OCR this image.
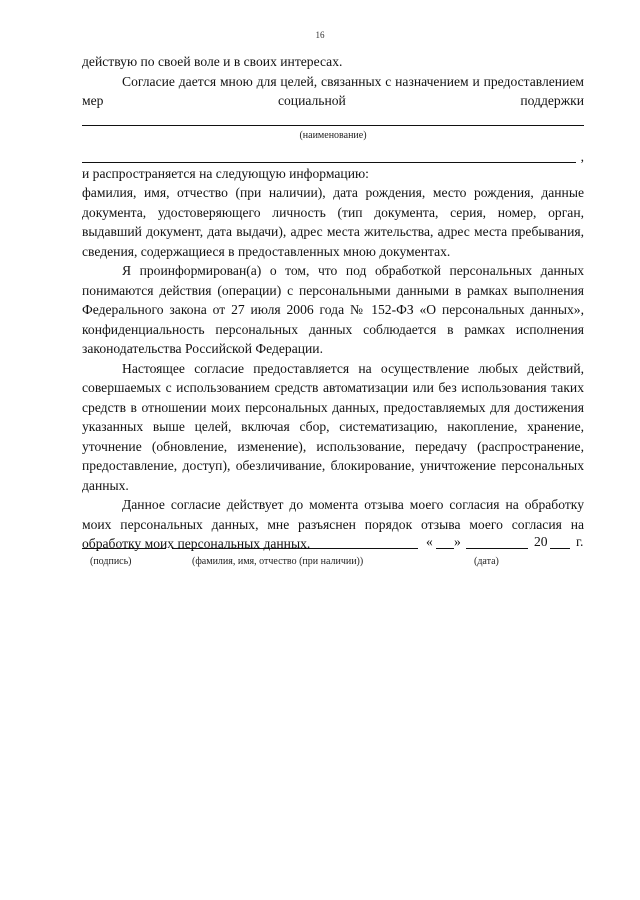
16

действую по своей воле и в своих интересах.

Согласие дается мною для целей, связанных с назначением и предоставлением мер социальной поддержки

(наименование)
,

и распространяется на следующую информацию:

фамилия, имя, отчество (при наличии), дата рождения, место рождения, данные документа, удостоверяющего личность (тип документа, серия, номер, орган, выдавший документ, дата выдачи), адрес места жительства, адрес места пребывания, сведения, содержащиеся в предоставленных мною документах.

Я проинформирован(а) о том, что под обработкой персональных данных понимаются действия (операции) с персональными данными в рамках выполнения Федерального закона от 27 июля 2006 года № 152-ФЗ «О персональных данных», конфиденциальность персональных данных соблюдается в рамках исполнения законодательства Российской Федерации.

Настоящее согласие предоставляется на осуществление любых действий, совершаемых с использованием средств автоматизации или без использования таких средств в отношении моих персональных данных, предоставляемых для достижения указанных выше целей, включая сбор, систематизацию, накопление, хранение, уточнение (обновление, изменение), использование, передачу (распространение, предоставление, доступ), обезличивание, блокирование, уничтожение персональных данных.

Данное согласие действует до момента отзыва моего согласия на обработку моих персональных данных, мне разъяснен порядок отзыва моего согласия на обработку моих персональных данных.	« »	20 г.
(подпись)	(фамилия, имя, отчество (при наличии))	(дата)
